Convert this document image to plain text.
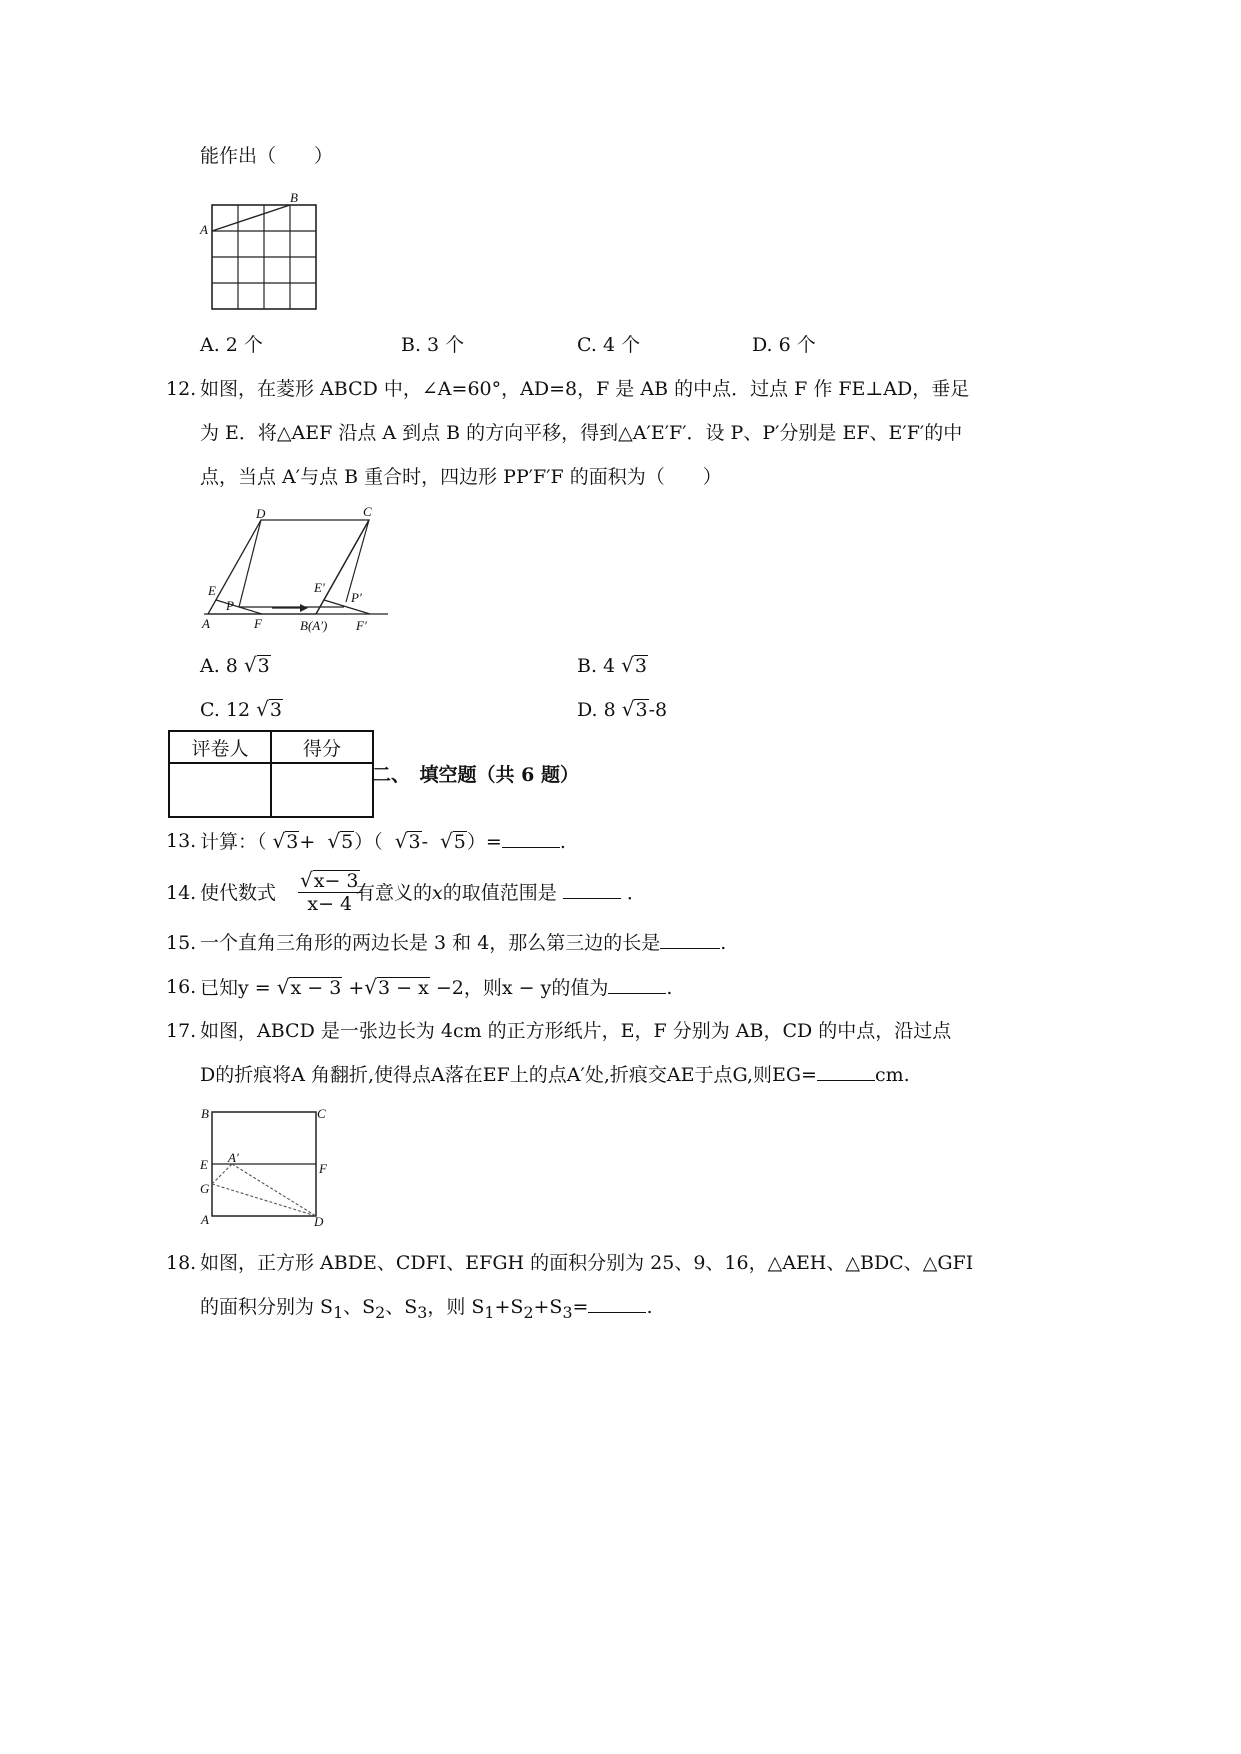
能作出（　　）
A
B
A. 2 个	B. 3 个	C. 4 个	D. 6 个
12. 如图，在菱形 ABCD 中，∠A=60°，AD=8，F 是 AB 的中点．过点 F 作 FE⊥AD，垂足
为 E．将△AEF 沿点 A 到点 B 的方向平移，得到△A′E′F′．设 P、P′分别是 EF、E′F′的中
点，当点 A′与点 B 重合时，四边形 PP′F′F 的面积为（　　）
D	C
E
P
E′
P′
A	F	B(A′) F′
A. 8 √3	B. 4 √3
C. 12 √3	D. 8 √3-8
评卷人	得分

二、　填空题（共 6 题）
13. 计算：（ √3+ √5）（ √3- √5）=	.
14. 使代数式 $\frac{√x- 3}{x- 4}$
有意义的x的取值范围是	．
15. 一个直角三角形的两边长是 3 和 4，那么第三边的长是	.
16. 已知y = √x − 3 +√3 − x −2，则x − y的值为	.
17. 如图，ABCD 是一张边长为 4cm 的正方形纸片，E，F 分别为 AB，CD 的中点，沿过点
D的折痕将A 角翻折,使得点A落在EF上的点A′处,折痕交AE于点G,则EG=	cm.
B	C
E A′
F
G
A	D
18. 如图，正方形 ABDE、CDFI、EFGH 的面积分别为 25、9、16，△AEH、△BDC、△GFI
的面积分别为 $S_1$、$S_2$、$S_3$，则 $S_1+S_2+S_3=$	.
